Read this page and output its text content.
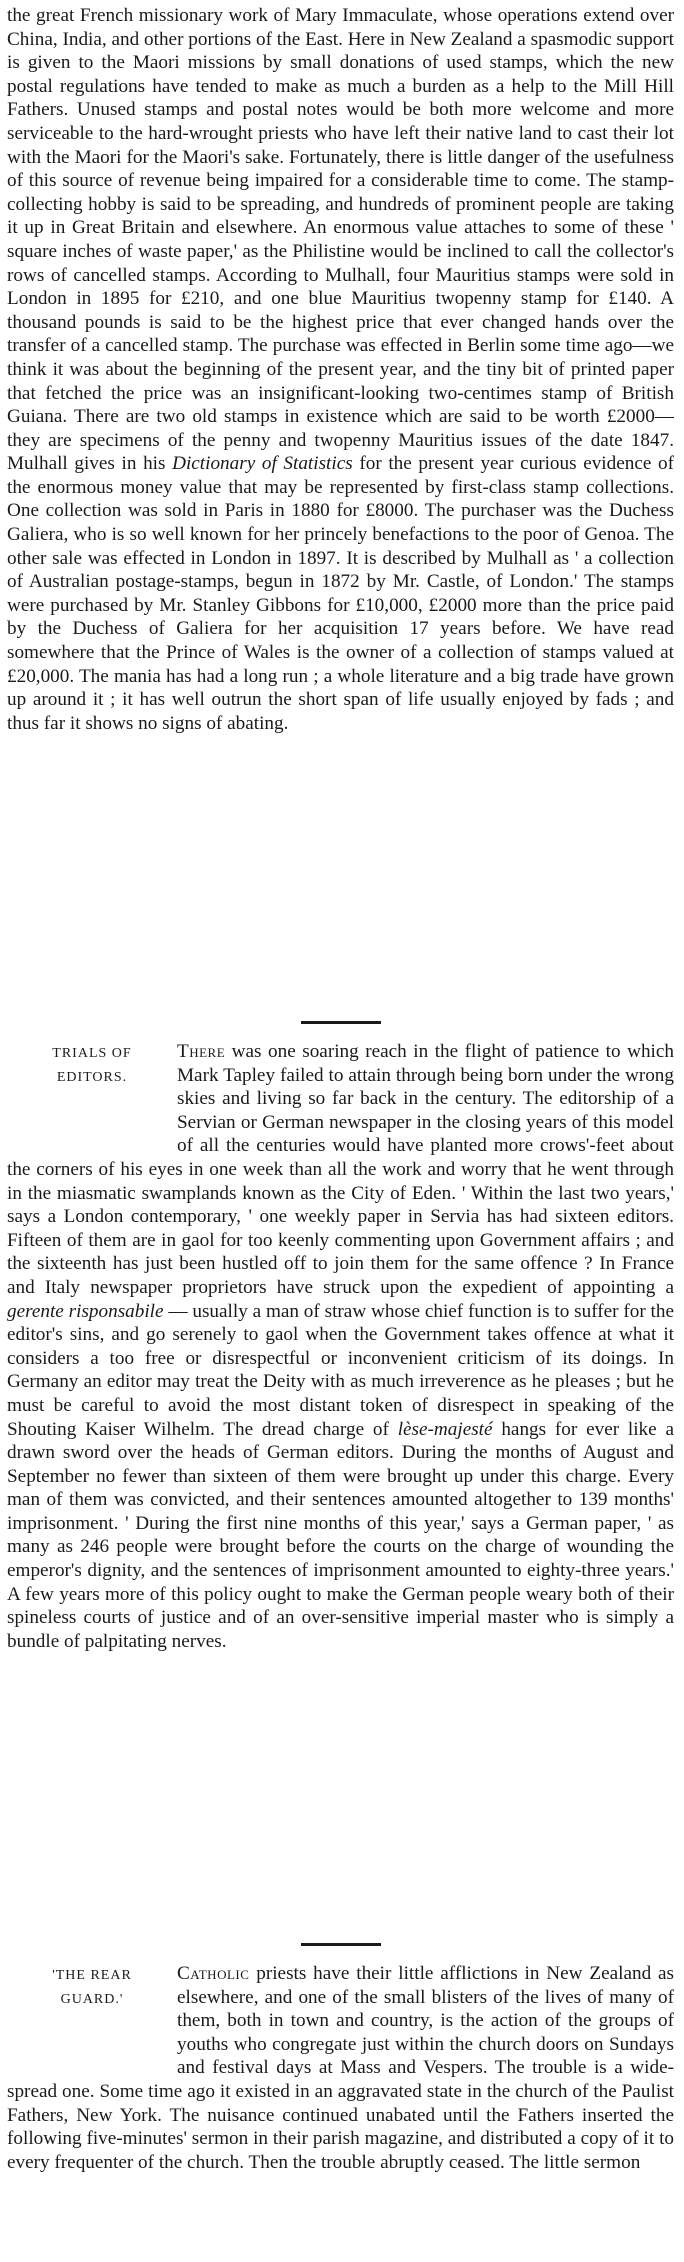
the great French missionary work of Mary Immaculate, whose operations extend over China, India, and other portions of the East. Here in New Zealand a spasmodic support is given to the Maori missions by small donations of used stamps, which the new postal regulations have tended to make as much a burden as a help to the Mill Hill Fathers. Unused stamps and postal notes would be both more welcome and more serviceable to the hard-wrought priests who have left their native land to cast their lot with the Maori for the Maori's sake. Fortunately, there is little danger of the usefulness of this source of revenue being impaired for a considerable time to come. The stamp-collecting hobby is said to be spreading, and hundreds of prominent people are taking it up in Great Britain and elsewhere. An enormous value attaches to some of these ' square inches of waste paper,' as the Philistine would be inclined to call the collector's rows of cancelled stamps. According to Mulhall, four Mauritius stamps were sold in London in 1895 for £210, and one blue Mauritius twopenny stamp for £140. A thousand pounds is said to be the highest price that ever changed hands over the transfer of a cancelled stamp. The purchase was effected in Berlin some time ago—we think it was about the beginning of the present year, and the tiny bit of printed paper that fetched the price was an insignificant-looking two-centimes stamp of British Guiana. There are two old stamps in existence which are said to be worth £2000—they are specimens of the penny and twopenny Mauritius issues of the date 1847. Mulhall gives in his Dictionary of Statistics for the present year curious evidence of the enormous money value that may be represented by first-class stamp collections. One collection was sold in Paris in 1880 for £8000. The purchaser was the Duchess Galiera, who is so well known for her princely benefactions to the poor of Genoa. The other sale was effected in London in 1897. It is described by Mulhall as ' a collection of Australian postage-stamps, begun in 1872 by Mr. Castle, of London.' The stamps were purchased by Mr. Stanley Gibbons for £10,000, £2000 more than the price paid by the Duchess of Galiera for her acquisition 17 years before. We have read somewhere that the Prince of Wales is the owner of a collection of stamps valued at £20,000. The mania has had a long run ; a whole literature and a big trade have grown up around it ; it has well outrun the short span of life usually enjoyed by fads ; and thus far it shows no signs of abating.

TRIALS OF
EDITORS.

There was one soaring reach in the flight of patience to which Mark Tapley failed to attain through being born under the wrong skies and living so far back in the century. The editorship of a Servian or German newspaper in the closing years of this model of all the centuries would have planted more crows'-feet about the corners of his eyes in one week than all the work and worry that he went through in the miasmatic swamplands known as the City of Eden. ' Within the last two years,' says a London contemporary, ' one weekly paper in Servia has had sixteen editors. Fifteen of them are in gaol for too keenly commenting upon Government affairs ; and the sixteenth has just been hustled off to join them for the same offence ? In France and Italy newspaper proprietors have struck upon the expedient of appointing a gerente risponsabile — usually a man of straw whose chief function is to suffer for the editor's sins, and go serenely to gaol when the Government takes offence at what it considers a too free or disrespectful or inconvenient criticism of its doings. In Germany an editor may treat the Deity with as much irreverence as he pleases ; but he must be careful to avoid the most distant token of disrespect in speaking of the Shouting Kaiser Wilhelm. The dread charge of lèse-majesté hangs for ever like a drawn sword over the heads of German editors. During the months of August and September no fewer than sixteen of them were brought up under this charge. Every man of them was convicted, and their sentences amounted altogether to 139 months' imprisonment. ' During the first nine months of this year,' says a German paper, ' as many as 246 people were brought before the courts on the charge of wounding the emperor's dignity, and the sentences of imprisonment amounted to eighty-three years.' A few years more of this policy ought to make the German people weary both of their spineless courts of justice and of an over-sensitive imperial master who is simply a bundle of palpitating nerves.

'THE REAR
GUARD.'

Catholic priests have their little afflictions in New Zealand as elsewhere, and one of the small blisters of the lives of many of them, both in town and country, is the action of the groups of youths who congregate just within the church doors on Sundays and festival days at Mass and Vespers. The trouble is a wide-spread one. Some time ago it existed in an aggravated state in the church of the Paulist Fathers, New York. The nuisance continued unabated until the Fathers inserted the following five-minutes' sermon in their parish magazine, and distributed a copy of it to every frequenter of the church. Then the trouble abruptly ceased. The little sermon
